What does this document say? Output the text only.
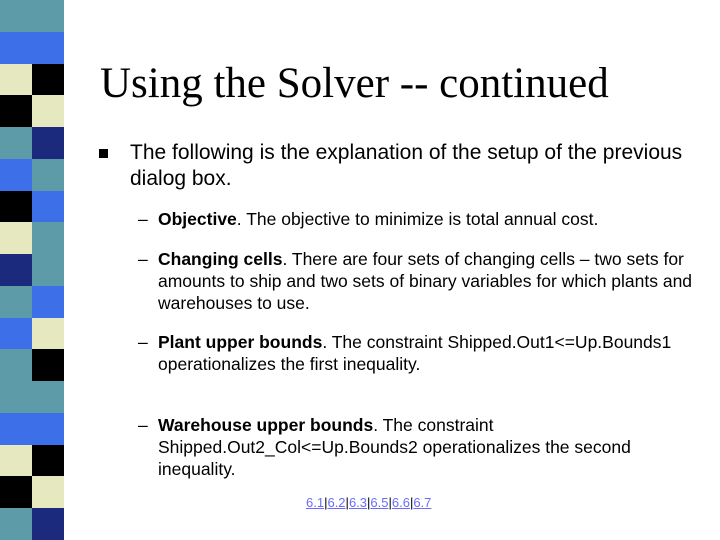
Using the Solver -- continued

The following is the explanation of the setup of the previous dialog box.

– Objective. The objective to minimize is total annual cost.
– Changing cells. There are four sets of changing cells – two sets for amounts to ship and two sets of binary variables for which plants and warehouses to use.
– Plant upper bounds. The constraint Shipped.Out1<=Up.Bounds1 operationalizes the first inequality.
– Warehouse upper bounds. The constraint Shipped.Out2_Col<=Up.Bounds2 operationalizes the second inequality.
6.1|6.2|6.3|6.5|6.6|6.7
